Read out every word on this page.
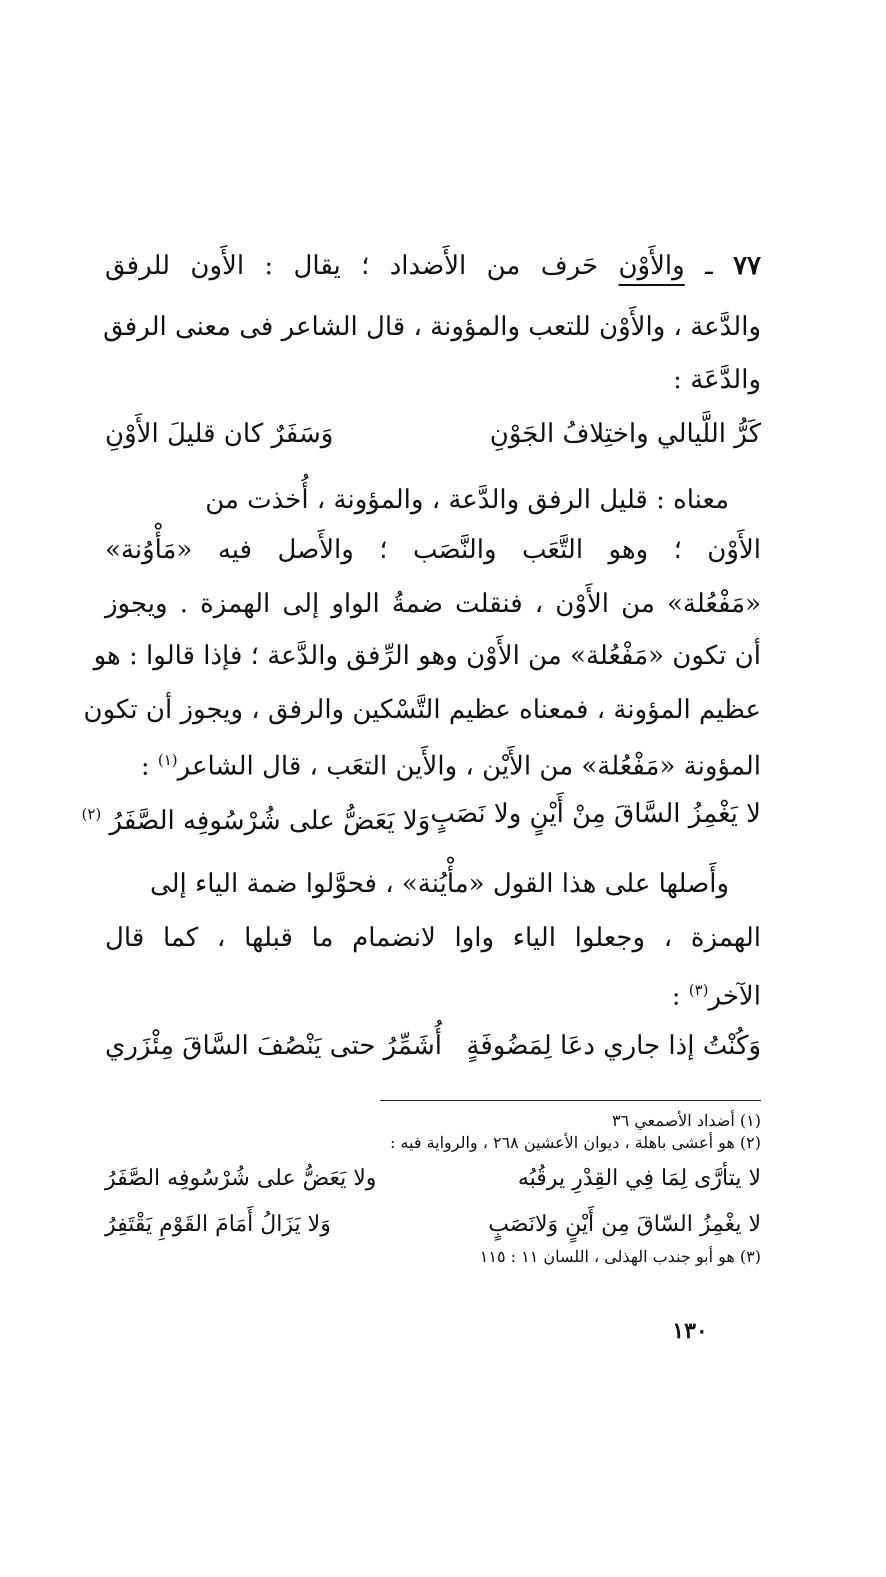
٧٧ ـ والأَوْن حَرف من الأَضداد ؛ يقال : الأَون للرفق
والدَّعة ، والأَوْن للتعب والمؤونة ، قال الشاعر فى معنى الرفق
والدَّعَة :
كَرُّ اللَّيالي واختِلافُ الجَوْنِ
وَسَفَرٌ كان قليلَ الأَوْنِ
معناه : قليل الرفق والدَّعة ، والمؤونة ، أُخذت من
الأَوْن ؛ وهو التَّعَب والنَّصَب ؛ والأَصل فيه «مَأْوُنة»
«مَفْعُلة» من الأَوْن ، فنقلت ضمةُ الواو إلى الهمزة . ويجوز
أن تكون «مَفْعُلة» من الأَوْن وهو الرِّفق والدَّعة ؛ فإذا قالوا : هو
عظيم المؤونة ، فمعناه عظيم التَّسْكين والرفق ، ويجوز أن تكون
المؤونة «مَفْعُلة» من الأَيْن ، والأَين التعَب ، قال الشاعر$^{(١)}$ :
لا يَغْمِزُ السَّاقَ مِنْ أَيْنٍ ولا نَصَبٍ
وَلا يَعَضُّ على شُرْسُوفِه الصَّفَرُ $^{(٢)}$
وأَصلها على هذا القول «مأْيُنة» ، فحوَّلوا ضمة الياء إلى
الهمزة ، وجعلوا الياء واوا لانضمام ما قبلها ، كما قال
الآخر$^{(٣)}$ :
وَكُنْتُ إذا جاري دعَا لِمَضُوفَةٍ
أُشَمِّرُ حتى يَنْصُفَ السَّاقَ مِئْزَري
(١) أضداد الأصمعي ٣٦
(٢) هو أعشى باهلة ، ديوان الأعشين ٢٦٨ ، والرواية فيه :
لا يتأرَّى لِمَا فِي القِدْرِ يرقُبُه
ولا يَعَضُّ على شُرْسُوفِه الصَّفَرُ
لا يغْمِزُ السّاقَ مِن أَيْنٍ وَلانَصَبٍ
وَلا يَزَالُ أَمَامَ القَوْمِ يَقْتَفِرُ
(٣) هو أبو جندب الهذلى ، اللسان ١١ : ١١٥
١٣٠
